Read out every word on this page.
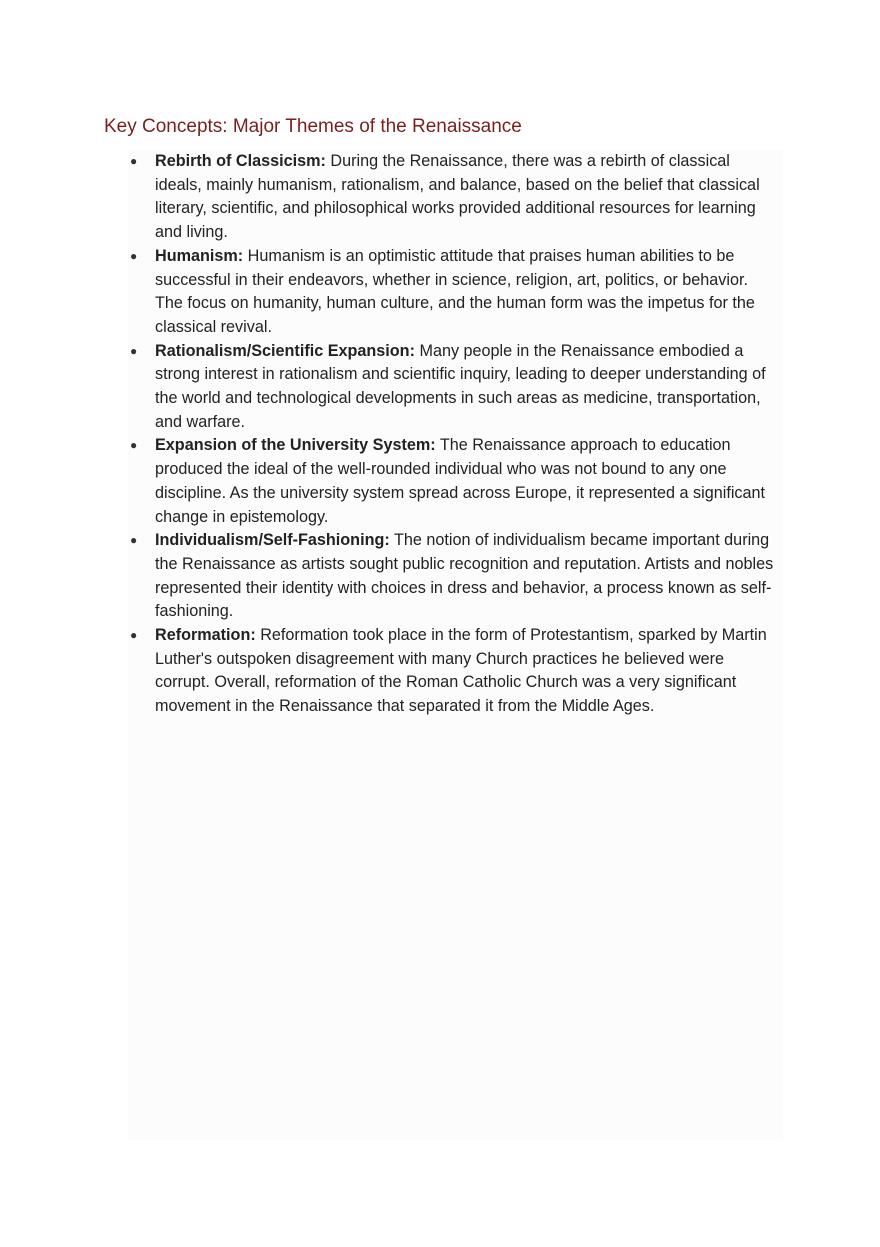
Key Concepts: Major Themes of the Renaissance
● Rebirth of Classicism: During the Renaissance, there was a rebirth of classical ideals, mainly humanism, rationalism, and balance, based on the belief that classical literary, scientific, and philosophical works provided additional resources for learning and living.
● Humanism: Humanism is an optimistic attitude that praises human abilities to be successful in their endeavors, whether in science, religion, art, politics, or behavior. The focus on humanity, human culture, and the human form was the impetus for the classical revival.
● Rationalism/Scientific Expansion: Many people in the Renaissance embodied a strong interest in rationalism and scientific inquiry, leading to deeper understanding of the world and technological developments in such areas as medicine, transportation, and warfare.
● Expansion of the University System: The Renaissance approach to education produced the ideal of the well-rounded individual who was not bound to any one discipline. As the university system spread across Europe, it represented a significant change in epistemology.
● Individualism/Self-Fashioning: The notion of individualism became important during the Renaissance as artists sought public recognition and reputation. Artists and nobles represented their identity with choices in dress and behavior, a process known as self-fashioning.
● Reformation: Reformation took place in the form of Protestantism, sparked by Martin Luther's outspoken disagreement with many Church practices he believed were corrupt. Overall, reformation of the Roman Catholic Church was a very significant movement in the Renaissance that separated it from the Middle Ages.
